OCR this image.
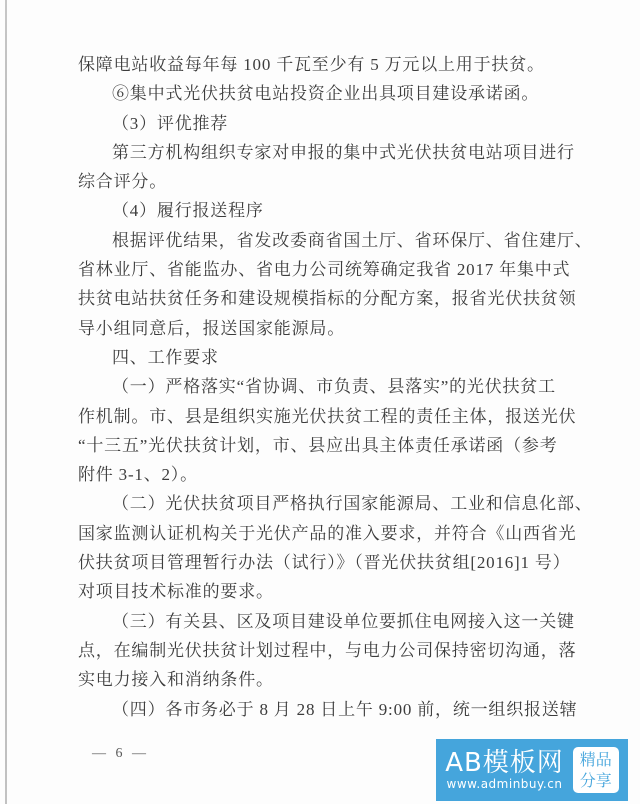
保障电站收益每年每 100 千瓦至少有 5 万元以上用于扶贫。
⑥集中式光伏扶贫电站投资企业出具项目建设承诺函。
（3）评优推荐
第三方机构组织专家对申报的集中式光伏扶贫电站项目进行
综合评分。
（4）履行报送程序
根据评优结果，省发改委商省国土厅、省环保厅、省住建厅、
省林业厅、省能监办、省电力公司统筹确定我省 2017 年集中式
扶贫电站扶贫任务和建设规模指标的分配方案，报省光伏扶贫领
导小组同意后，报送国家能源局。
四、工作要求
（一）严格落实“省协调、市负责、县落实”的光伏扶贫工
作机制。市、县是组织实施光伏扶贫工程的责任主体，报送光伏
“十三五”光伏扶贫计划，市、县应出具主体责任承诺函（参考
附件 3-1、2）。
（二）光伏扶贫项目严格执行国家能源局、工业和信息化部、
国家监测认证机构关于光伏产品的准入要求，并符合《山西省光
伏扶贫项目管理暂行办法（试行）》（晋光伏扶贫组[2016]1 号）
对项目技术标准的要求。
（三）有关县、区及项目建设单位要抓住电网接入这一关键
点，在编制光伏扶贫计划过程中，与电力公司保持密切沟通，落
实电力接入和消纳条件。
（四）各市务必于 8 月 28 日上午 9:00 前，统一组织报送辖
— 6 —	AB模板网
www.adminbuy.cn
精品
分享
